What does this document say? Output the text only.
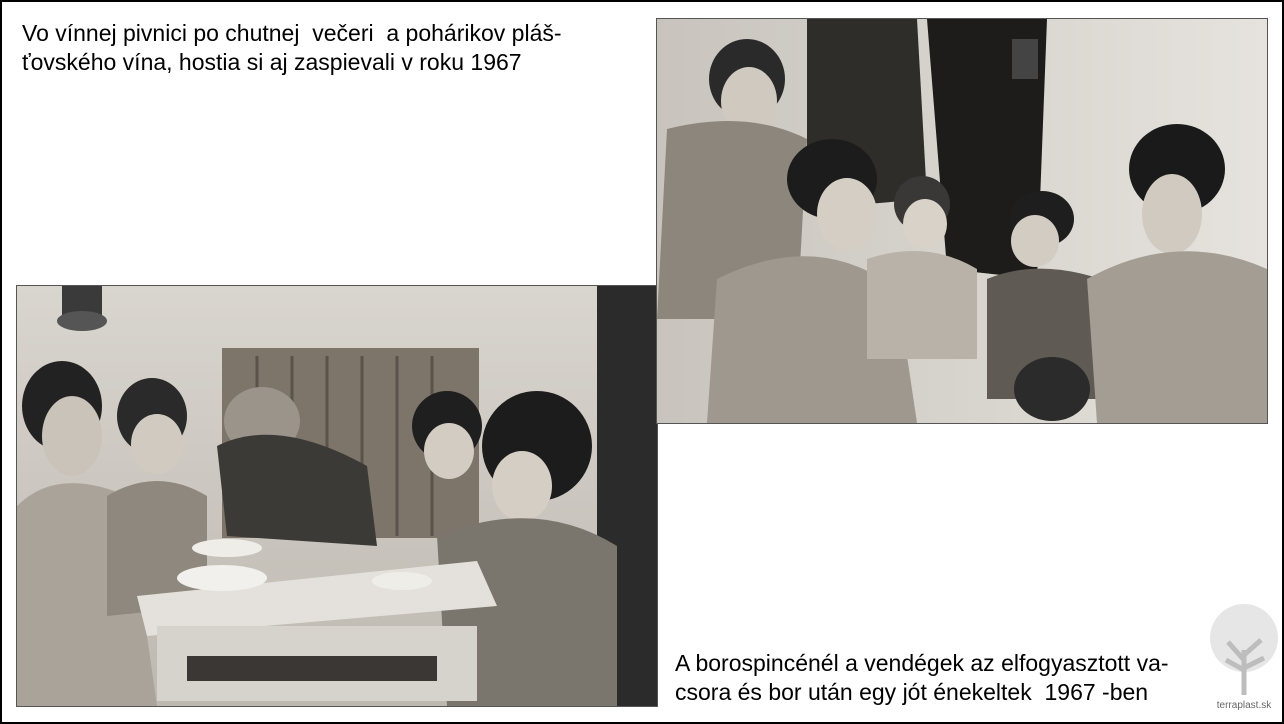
Vo vínnej pivnici po chutnej  večeri  a pohárikov pláš-
ťovského vína, hostia si aj zaspievali v roku 1967
A borospincénél a vendégek az elfogyasztott va-
csora és bor után egy jót énekeltek  1967 -ben
terraplast.sk
